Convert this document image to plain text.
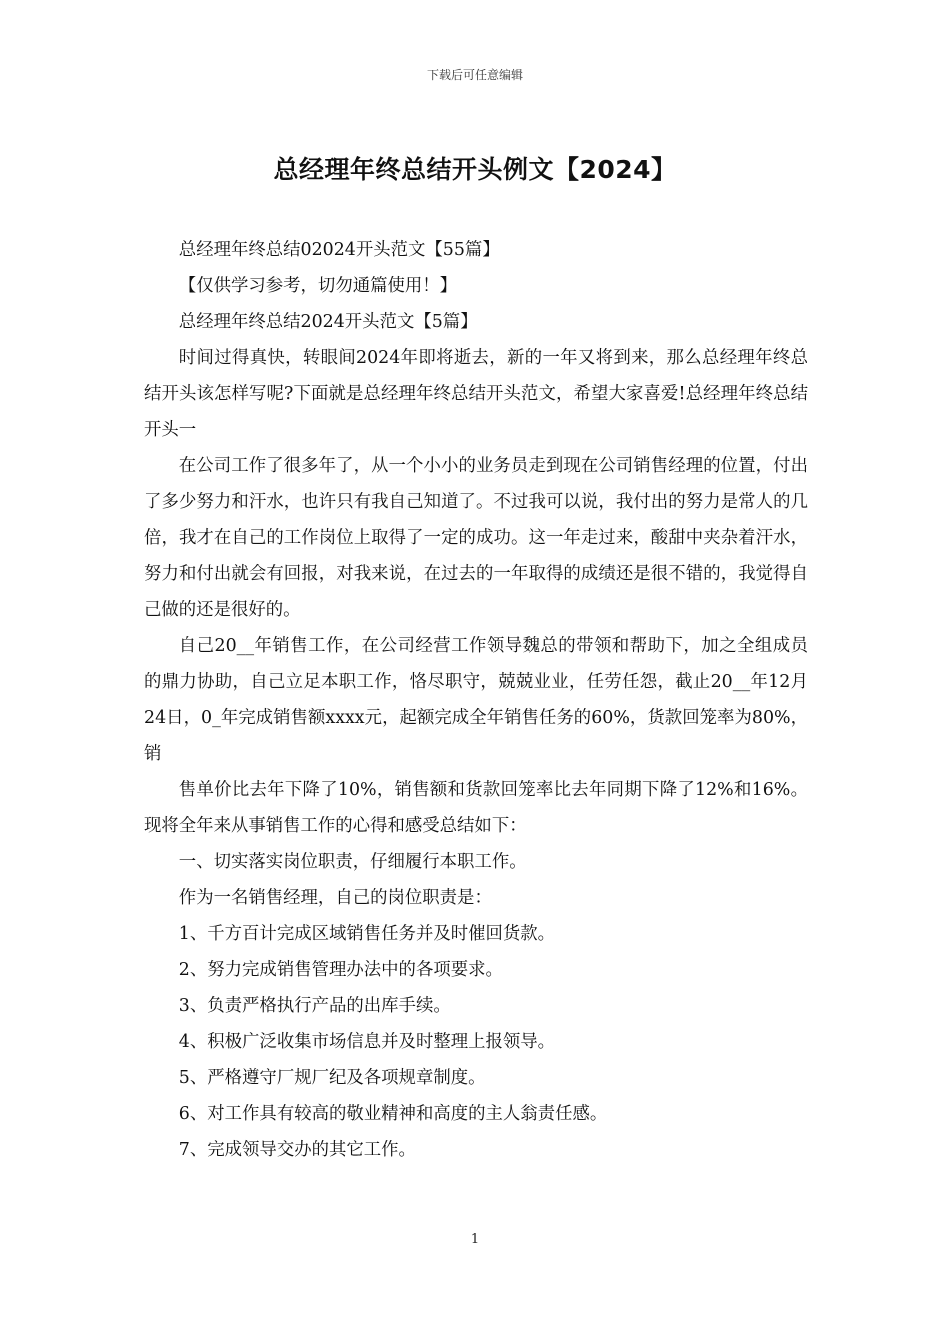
下载后可任意编辑
总经理年终总结开头例文【2024】

总经理年终总结02024开头范文【55篇】

【仅供学习参考，切勿通篇使用！】

总经理年终总结2024开头范文【5篇】

时间过得真快，转眼间2024年即将逝去，新的一年又将到来，那么总经理年终总结开头该怎样写呢?下面就是总经理年终总结开头范文，希望大家喜爱!总经理年终总结开头一

在公司工作了很多年了，从一个小小的业务员走到现在公司销售经理的位置，付出了多少努力和汗水，也许只有我自己知道了。不过我可以说，我付出的努力是常人的几倍，我才在自己的工作岗位上取得了一定的成功。这一年走过来，酸甜中夹杂着汗水，努力和付出就会有回报，对我来说，在过去的一年取得的成绩还是很不错的，我觉得自己做的还是很好的。

自己20__年销售工作，在公司经营工作领导魏总的带领和帮助下，加之全组成员的鼎力协助，自己立足本职工作，恪尽职守，兢兢业业，任劳任怨，截止20__年12月24日，0_年完成销售额xxxx元，起额完成全年销售任务的60%，货款回笼率为80%，销

售单价比去年下降了10%，销售额和货款回笼率比去年同期下降了12%和16%。现将全年来从事销售工作的心得和感受总结如下：

一、切实落实岗位职责，仔细履行本职工作。

作为一名销售经理，自己的岗位职责是：

1、千方百计完成区域销售任务并及时催回货款。

2、努力完成销售管理办法中的各项要求。

3、负责严格执行产品的出库手续。

4、积极广泛收集市场信息并及时整理上报领导。

5、严格遵守厂规厂纪及各项规章制度。

6、对工作具有较高的敬业精神和高度的主人翁责任感。

7、完成领导交办的其它工作。

1
